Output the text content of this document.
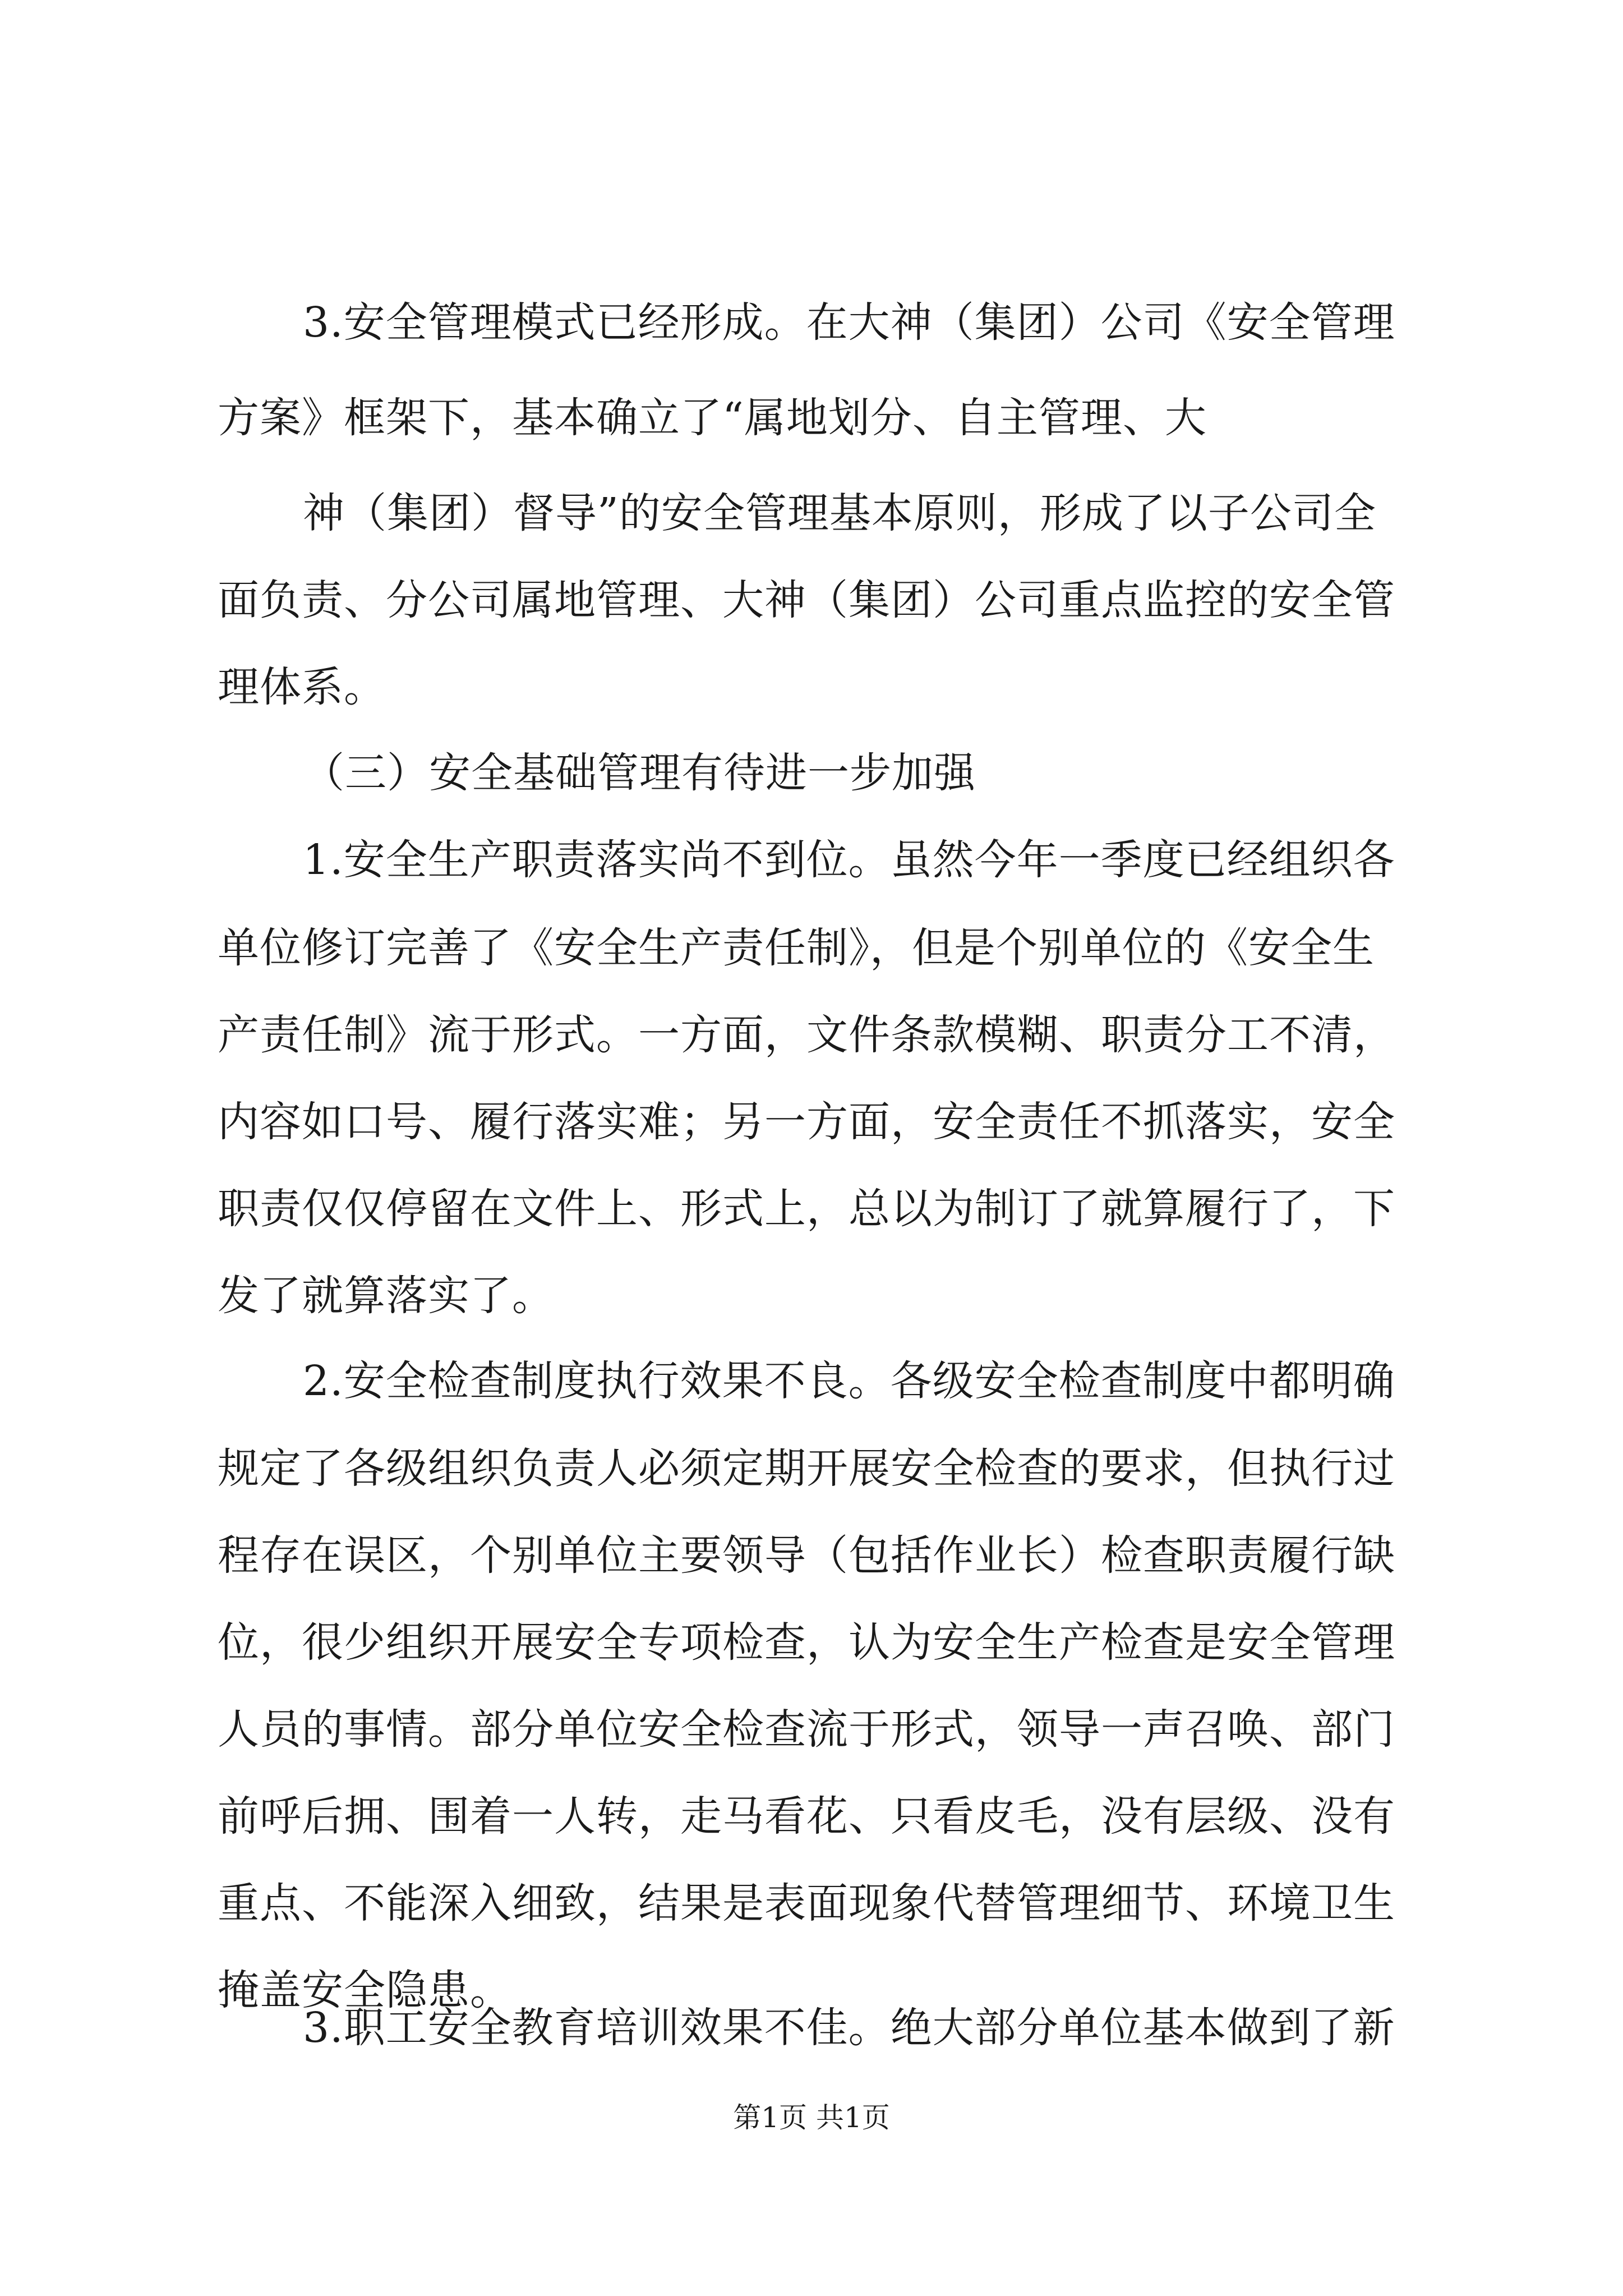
3.安全管理模式已经形成。在大神（集团）公司《安全管理
方案》框架下，基本确立了“属地划分、自主管理、大
神（集团）督导”的安全管理基本原则，形成了以子公司全
面负责、分公司属地管理、大神（集团）公司重点监控的安全管
理体系。
（三）安全基础管理有待进一步加强
1.安全生产职责落实尚不到位。虽然今年一季度已经组织各
单位修订完善了《安全生产责任制》，但是个别单位的《安全生
产责任制》流于形式。一方面，文件条款模糊、职责分工不清，
内容如口号、履行落实难；另一方面，安全责任不抓落实，安全
职责仅仅停留在文件上、形式上，总以为制订了就算履行了，下
发了就算落实了。
2.安全检查制度执行效果不良。各级安全检查制度中都明确
规定了各级组织负责人必须定期开展安全检查的要求，但执行过
程存在误区，个别单位主要领导（包括作业长）检查职责履行缺
位，很少组织开展安全专项检查，认为安全生产检查是安全管理
人员的事情。部分单位安全检查流于形式，领导一声召唤、部门
前呼后拥、围着一人转，走马看花、只看皮毛，没有层级、没有
重点、不能深入细致，结果是表面现象代替管理细节、环境卫生
掩盖安全隐患。
3.职工安全教育培训效果不佳。绝大部分单位基本做到了新
第1页 共1页
